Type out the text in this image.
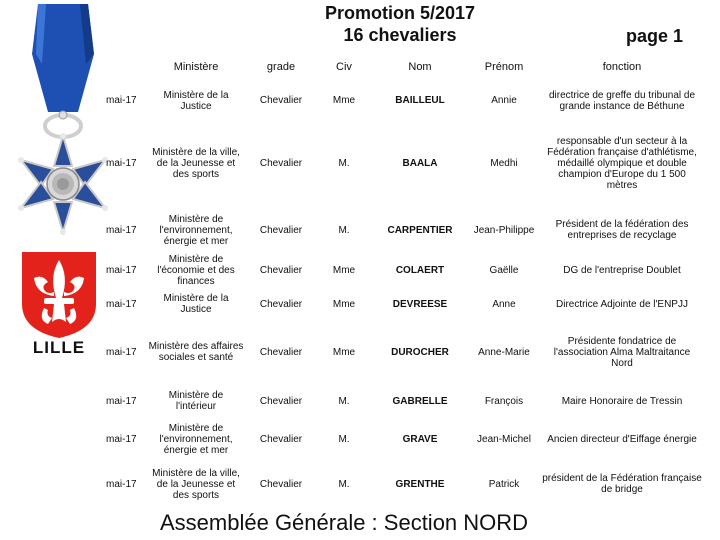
Promotion 5/2017
16 chevaliers	page 1
LILLE
	Ministère	grade	Civ	Nom	Prénom	fonction
mai-17	Ministère de la Justice	Chevalier	Mme	BAILLEUL	Annie	directrice de greffe du tribunal de grande instance de Béthune
mai-17	Ministère de la ville, de la Jeunesse et des sports	Chevalier	M.	BAALA	Medhi	responsable d'un secteur à la Fédération française d'athlétisme, médaillé olympique et double champion d'Europe du 1 500 mètres
mai-17	Ministère de l'environnement, énergie et mer	Chevalier	M.	CARPENTIER	Jean-Philippe	Président de la fédération des entreprises de recyclage
mai-17	Ministère de l'économie et des finances	Chevalier	Mme	COLAERT	Gaëlle	DG de l'entreprise Doublet
mai-17	Ministère de la Justice	Chevalier	Mme	DEVREESE	Anne	Directrice Adjointe de l'ENPJJ
mai-17	Ministère des affaires sociales et santé	Chevalier	Mme	DUROCHER	Anne-Marie	Présidente fondatrice de l'association Alma Maltraitance Nord
mai-17	Ministère de l'intérieur	Chevalier	M.	GABRELLE	François	Maire Honoraire de Tressin
mai-17	Ministère de l'environnement, énergie et mer	Chevalier	M.	GRAVE	Jean-Michel	Ancien directeur d'Eiffage énergie
mai-17	Ministère de la ville, de la Jeunesse et des sports	Chevalier	M.	GRENTHE	Patrick	président de la Fédération française de bridge
Assemblée Générale : Section NORD
